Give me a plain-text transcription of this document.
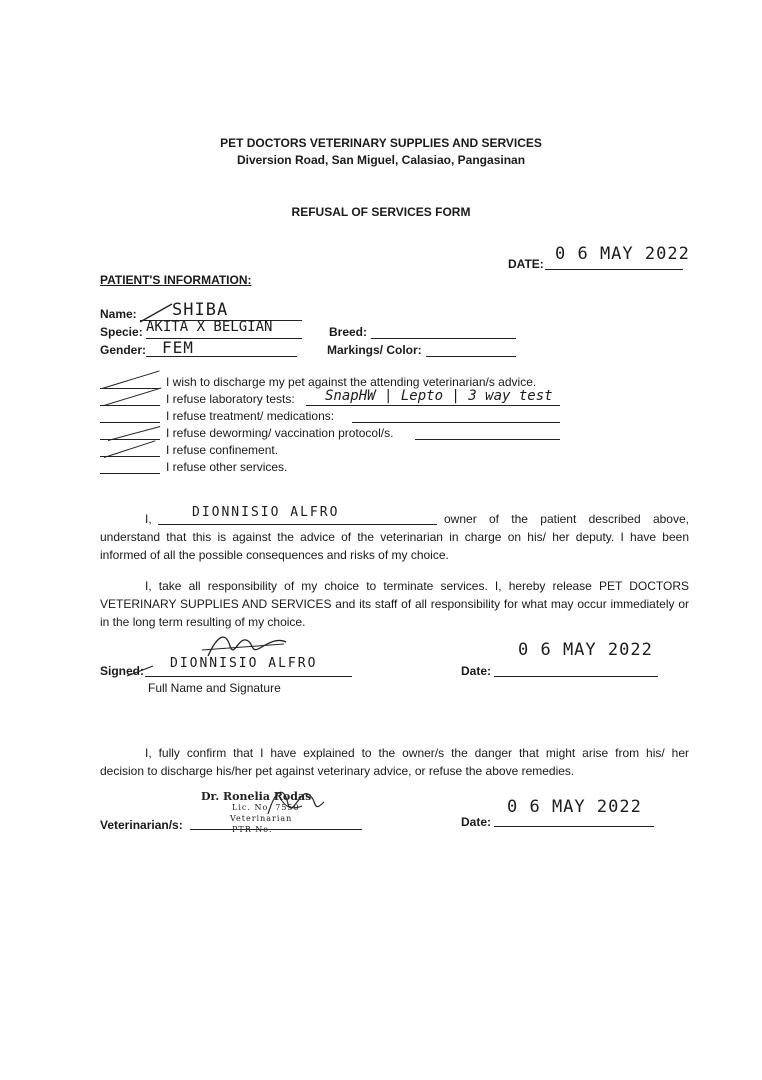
PET DOCTORS VETERINARY SUPPLIES AND SERVICES
Diversion Road, San Miguel, Calasiao, Pangasinan
REFUSAL OF SERVICES FORM
DATE: 0 6 MAY 2022
PATIENT'S INFORMATION:
Name: SHIBA
Specie: AKITA X BELGIAN
Gender: FEM
Breed:
Markings/ Color:
I wish to discharge my pet against the attending veterinarian/s advice.
I refuse laboratory tests: SnapHW | Lepto | 3 way test
I refuse treatment/ medications:
I refuse deworming/ vaccination protocol/s.
I refuse confinement.
I refuse other services.
I,	DIONNISIO ALFRO	owner of the patient described above,
understand that this is against the advice of the veterinarian in charge on his/ her deputy. I have been
informed of all the possible consequences and risks of my choice.
I, take all responsibility of my choice to terminate services. I, hereby release PET DOCTORS
VETERINARY SUPPLIES AND SERVICES and its staff of all responsibility for what may occur immediately or
in the long term resulting of my choice.
Signed: DIONNISIO ALFRO
Full Name and Signature
Date:
0 6 MAY 2022
I, fully confirm that I have explained to the owner/s the danger that might arise from his/ her
decision to discharge his/her pet against veterinary advice, or refuse the above remedies.
Veterinarian/s:
Dr. Ronelia Rodas
Lic. No. 7550
Veterinarian
PTR No.
Date:
0 6 MAY 2022
